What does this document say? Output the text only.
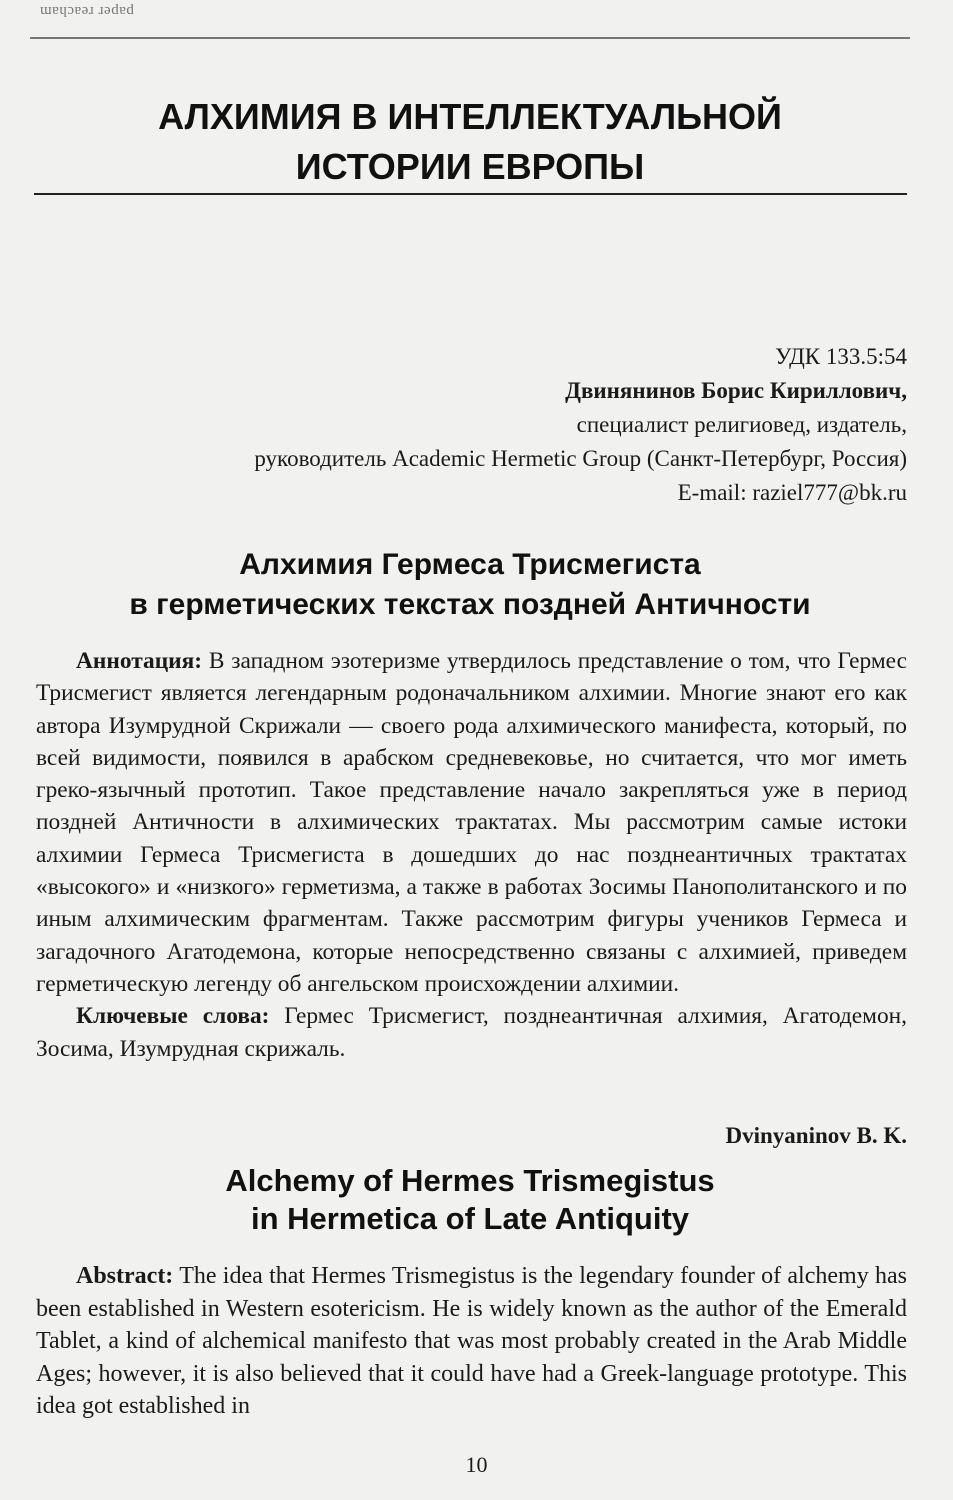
ɯɐɥɔɐǝɹ ɹǝdɐd
АЛХИМИЯ В ИНТЕЛЛЕКТУАЛЬНОЙ
ИСТОРИИ ЕВРОПЫ
УДК 133.5:54
Двинянинов Борис Кириллович,
специалист религиовед, издатель,
руководитель Academic Hermetic Group (Санкт-Петербург, Россия)
E-mail: raziel777@bk.ru
Алхимия Гермеса Трисмегиста
в герметических текстах поздней Античности

Аннотация: В западном эзотеризме утвердилось представление о том, что Гермес Трисмегист является легендарным родоначальником алхимии. Многие знают его как автора Изумрудной Скрижали — своего рода алхимического манифеста, который, по всей видимости, появился в арабском средневековье, но считается, что мог иметь греко-язычный прототип. Такое представление начало закрепляться уже в период поздней Античности в алхимических трактатах. Мы рассмотрим самые истоки алхимии Гермеса Трисмегиста в дошедших до нас позднеантичных трактатах «высокого» и «низкого» герметизма, а также в работах Зосимы Панополитанского и по иным алхимическим фрагментам. Также рассмотрим фигуры учеников Гермеса и загадочного Агатодемона, которые непосредственно связаны с алхимией, приведем герметическую легенду об ангельском происхождении алхимии.

Ключевые слова: Гермес Трисмегист, позднеантичная алхимия, Агатодемон, Зосима, Изумрудная скрижаль.

Dvinyaninov B. K.
Alchemy of Hermes Trismegistus
in Hermetica of Late Antiquity

Abstract: The idea that Hermes Trismegistus is the legendary founder of alchemy has been established in Western esotericism. He is widely known as the author of the Emerald Tablet, a kind of alchemical manifesto that was most probably created in the Arab Middle Ages; however, it is also believed that it could have had a Greek-language prototype. This idea got established in

10
